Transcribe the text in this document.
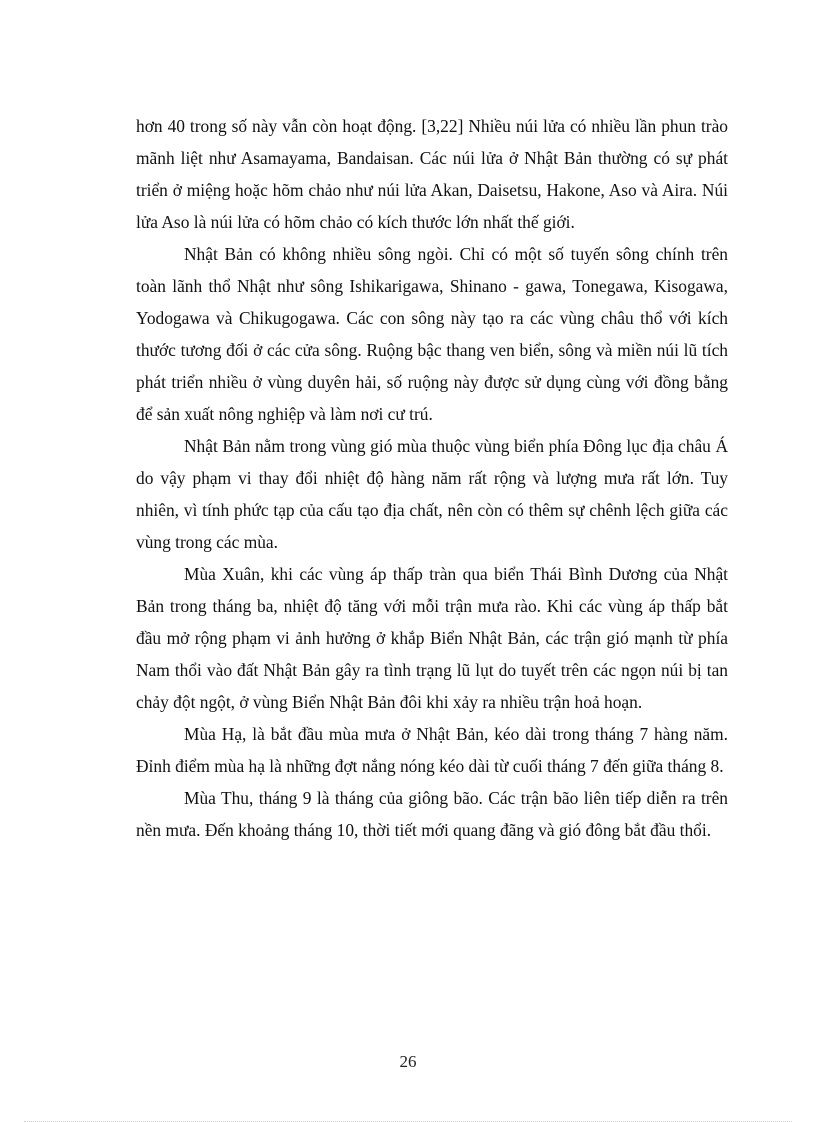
hơn 40 trong số này vẫn còn hoạt động. [3,22] Nhiều núi lửa có nhiều lần phun trào mãnh liệt như Asamayama, Bandaisan. Các núi lửa ở Nhật Bản thường có sự phát triển ở miệng hoặc hõm chảo như núi lửa Akan, Daisetsu, Hakone, Aso và Aira. Núi lửa Aso là núi lửa có hõm chảo có kích thước lớn nhất thế giới.

Nhật Bản có không nhiều sông ngòi. Chỉ có một số tuyến sông chính trên toàn lãnh thổ Nhật như sông Ishikarigawa, Shinano - gawa, Tonegawa, Kisogawa, Yodogawa và Chikugogawa. Các con sông này tạo ra các vùng châu thổ với kích thước tương đối ở các cửa sông. Ruộng bậc thang ven biển, sông và miền núi lũ tích phát triển nhiều ở vùng duyên hải, số ruộng này được sử dụng cùng với đồng bằng để sản xuất nông nghiệp và làm nơi cư trú.

Nhật Bản nằm trong vùng gió mùa thuộc vùng biển phía Đông lục địa châu Á do vậy phạm vi thay đổi nhiệt độ hàng năm rất rộng và lượng mưa rất lớn. Tuy nhiên, vì tính phức tạp của cấu tạo địa chất, nên còn có thêm sự chênh lệch giữa các vùng trong các mùa.

Mùa Xuân, khi các vùng áp thấp tràn qua biển Thái Bình Dương của Nhật Bản trong tháng ba, nhiệt độ tăng với mỗi trận mưa rào. Khi các vùng áp thấp bắt đầu mở rộng phạm vi ảnh hưởng ở khắp Biển Nhật Bản, các trận gió mạnh từ phía Nam thổi vào đất Nhật Bản gây ra tình trạng lũ lụt do tuyết trên các ngọn núi bị tan chảy đột ngột, ở vùng Biển Nhật Bản đôi khi xảy ra nhiều trận hoả hoạn.

Mùa Hạ, là bắt đầu mùa mưa ở Nhật Bản, kéo dài trong tháng 7 hàng năm. Đỉnh điểm mùa hạ là những đợt nắng nóng kéo dài từ cuối tháng 7 đến giữa tháng 8.

Mùa Thu, tháng 9 là tháng của giông bão. Các trận bão liên tiếp diễn ra trên nền mưa. Đến khoảng tháng 10, thời tiết mới quang đãng và gió đông bắt đầu thổi.

26
